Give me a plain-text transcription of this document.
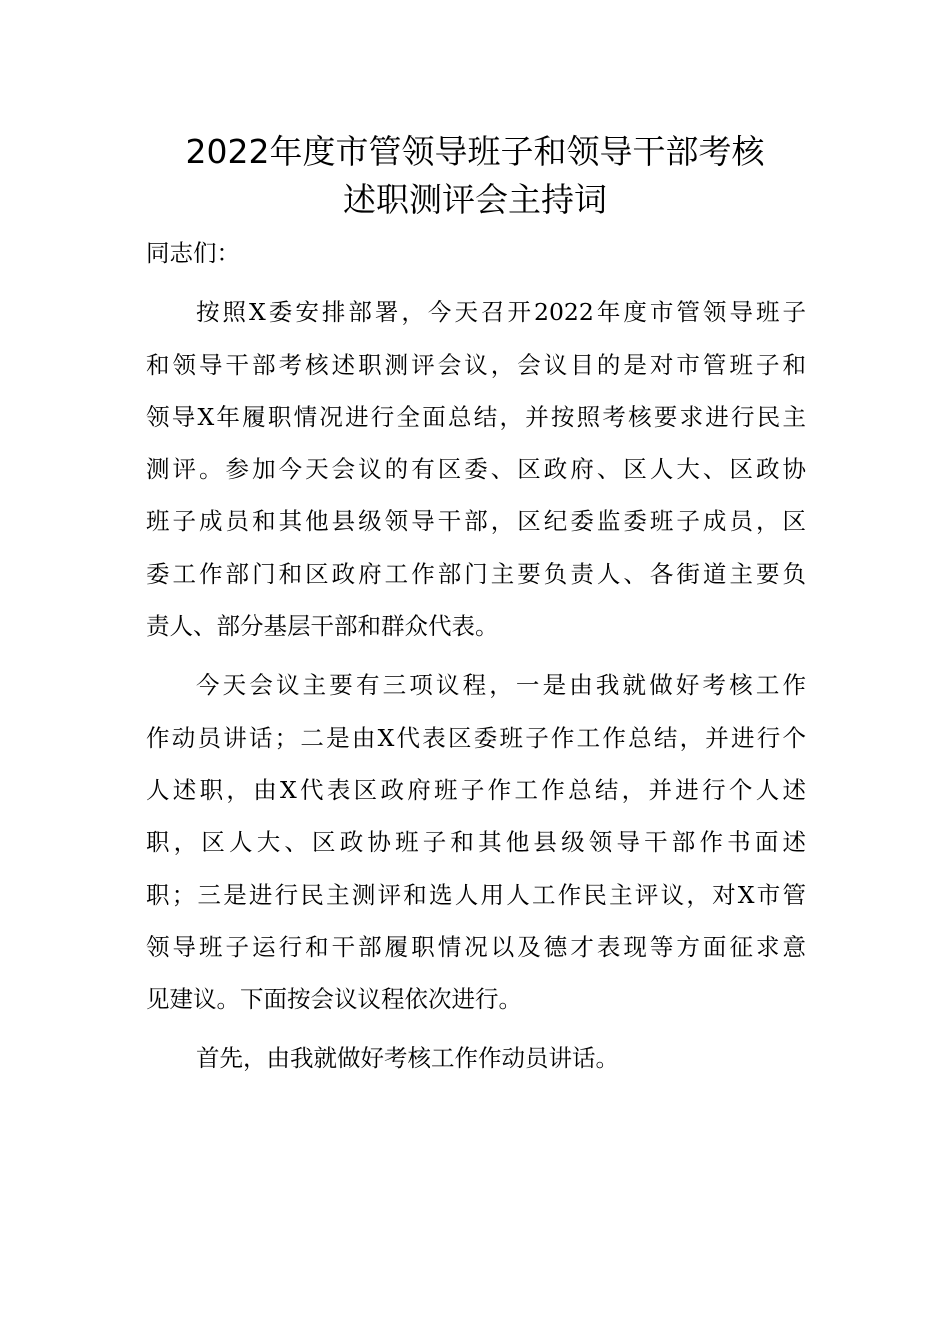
2022年度市管领导班子和领导干部考核
述职测评会主持词
同志们：
按照X委安排部署，今天召开2022年度市管领导班子
和领导干部考核述职测评会议，会议目的是对市管班子和
领导X年履职情况进行全面总结，并按照考核要求进行民主
测评。参加今天会议的有区委、区政府、区人大、区政协
班子成员和其他县级领导干部，区纪委监委班子成员，区
委工作部门和区政府工作部门主要负责人、各街道主要负
责人、部分基层干部和群众代表。
今天会议主要有三项议程，一是由我就做好考核工作
作动员讲话；二是由X代表区委班子作工作总结，并进行个
人述职，由X代表区政府班子作工作总结，并进行个人述
职，区人大、区政协班子和其他县级领导干部作书面述
职；三是进行民主测评和选人用人工作民主评议，对X市管
领导班子运行和干部履职情况以及德才表现等方面征求意
见建议。下面按会议议程依次进行。
首先，由我就做好考核工作作动员讲话。
